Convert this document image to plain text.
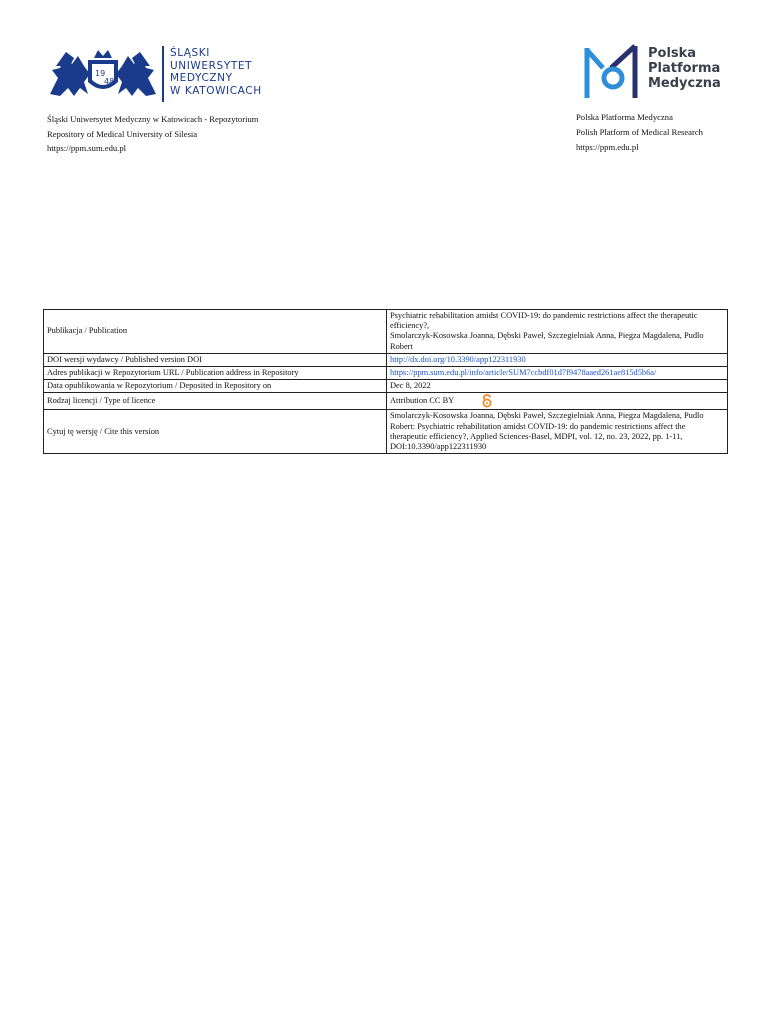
19
48
ŚLĄSKI
UNIWERSYTET
MEDYCZNY
W KATOWICACH
Śląski Uniwersytet Medyczny w Katowicach - Repozytorium
Repository of Medical University of Silesia
https://ppm.sum.edu.pl
Polska
Platforma
Medyczna
Polska Platforma Medyczna
Polish Platform of Medical Research
https://ppm.edu.pl
Publikacja / Publication	Psychiatric rehabilitation amidst COVID-19: do pandemic restrictions affect the therapeutic efficiency?,
Smolarczyk-Kosowska Joanna, Dębski Paweł, Szczegielniak Anna, Piegza Magdalena, Pudlo Robert

DOI wersji wydawcy / Published version DOI	http://dx.doi.org/10.3390/app122311930
Adres publikacji w Repozytorium URL / Publication address in Repository	https://ppm.sum.edu.pl/info/article/SUM7ccbdf01d7f9478aaed261ae815d5b6a/
Data opublikowania w Repozytorium / Deposited in Repository on	Dec 8, 2022
Rodzaj licencji / Type of licence	Attribution CC BY
Cytuj tę wersję / Cite this version	Smolarczyk-Kosowska Joanna, Dębski Paweł, Szczegielniak Anna, Piegza Magdalena, Pudlo Robert: Psychiatric rehabilitation amidst COVID-19: do pandemic restrictions affect the therapeutic efficiency?, Applied Sciences-Basel, MDPI, vol. 12, no. 23, 2022, pp. 1-11, DOI:10.3390/app122311930
